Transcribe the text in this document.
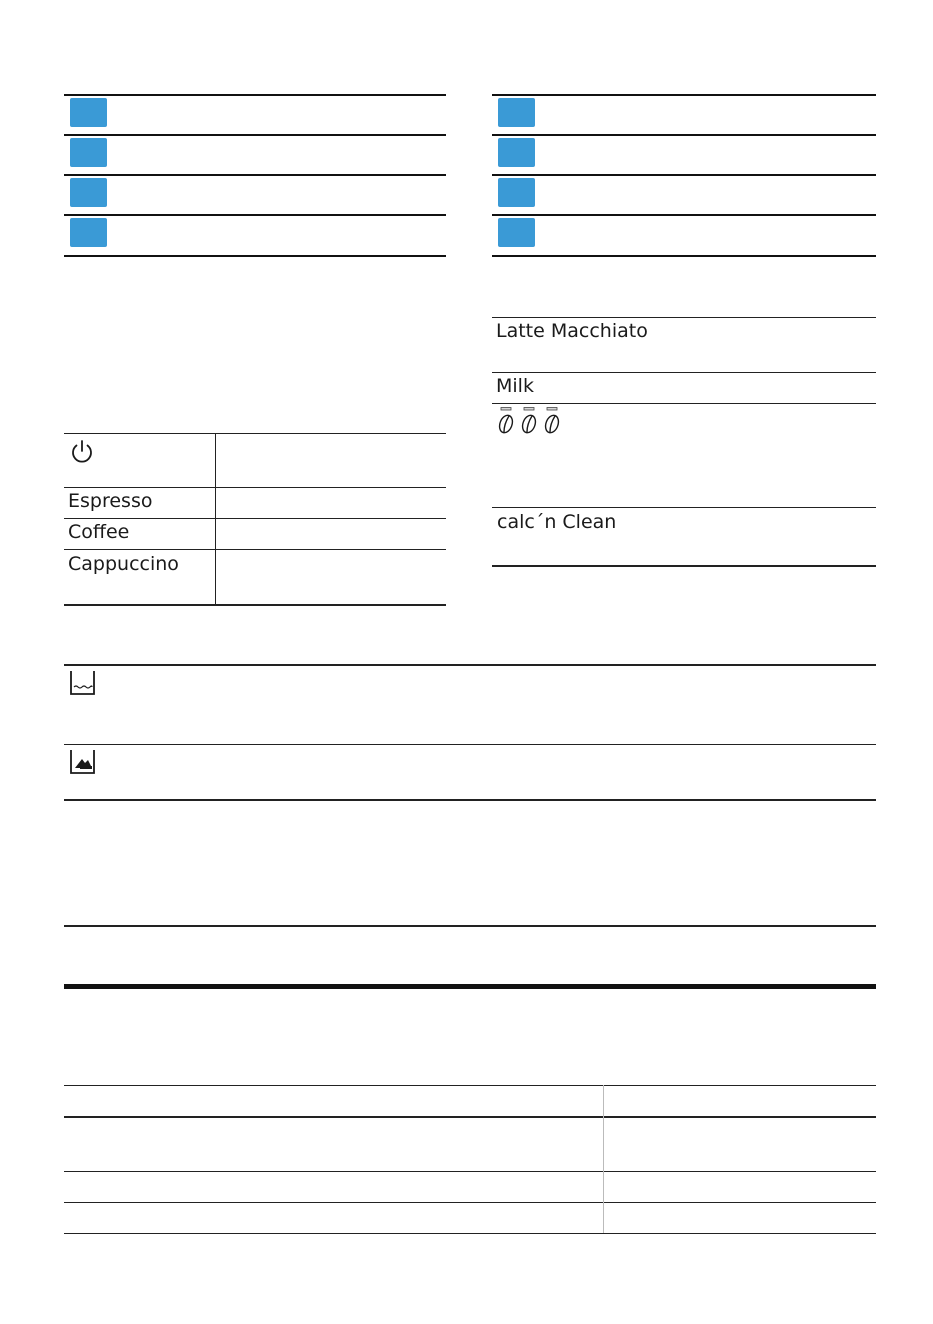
Espresso
Coffee
Cappuccino
Latte Macchiato
Milk
calc´n Clean
